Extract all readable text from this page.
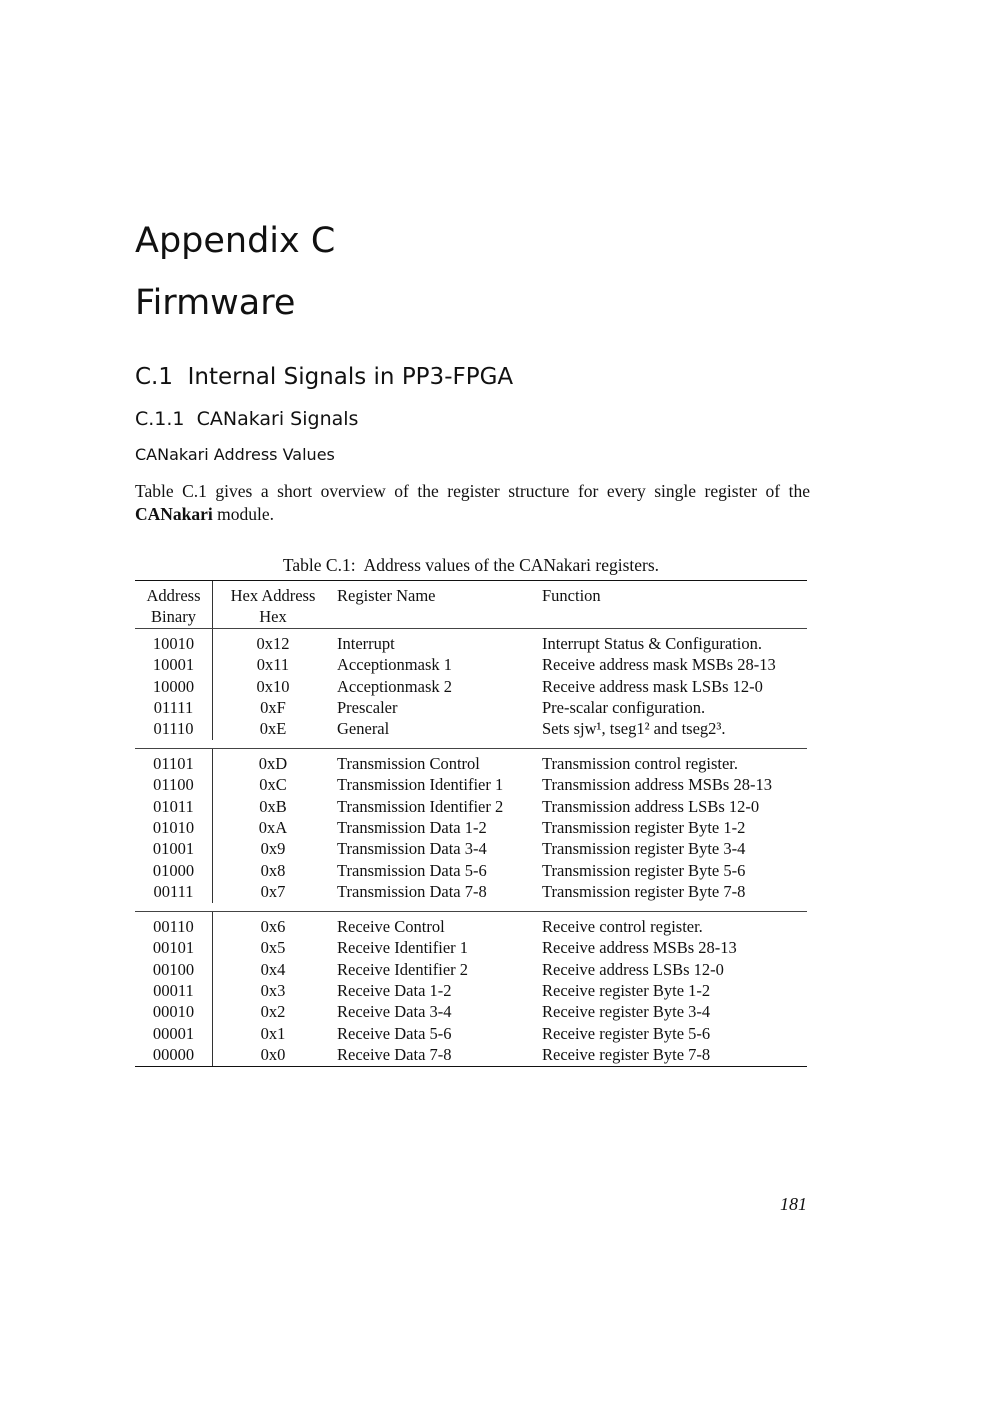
Appendix C
Firmware
C.1 Internal Signals in PP3-FPGA
C.1.1 CANakari Signals
CANakari Address Values

Table C.1 gives a short overview of the register structure for every single register of the CANakari module.

Table C.1: Address values of the CANakari registers.
Address	Hex Address	Register Name	Function
Binary	Hex		
10010	0x12	Interrupt	Interrupt Status & Configuration.
10001	0x11	Acceptionmask 1	Receive address mask MSBs 28-13
10000	0x10	Acceptionmask 2	Receive address mask LSBs 12-0
01111	0xF	Prescaler	Pre-scalar configuration.
01110	0xE	General	Sets sjw¹, tseg1² and tseg2³.

01101	0xD	Transmission Control	Transmission control register.
01100	0xC	Transmission Identifier 1	Transmission address MSBs 28-13
01011	0xB	Transmission Identifier 2	Transmission address LSBs 12-0
01010	0xA	Transmission Data 1-2	Transmission register Byte 1-2
01001	0x9	Transmission Data 3-4	Transmission register Byte 3-4
01000	0x8	Transmission Data 5-6	Transmission register Byte 5-6
00111	0x7	Transmission Data 7-8	Transmission register Byte 7-8

00110	0x6	Receive Control	Receive control register.
00101	0x5	Receive Identifier 1	Receive address MSBs 28-13
00100	0x4	Receive Identifier 2	Receive address LSBs 12-0
00011	0x3	Receive Data 1-2	Receive register Byte 1-2
00010	0x2	Receive Data 3-4	Receive register Byte 3-4
00001	0x1	Receive Data 5-6	Receive register Byte 5-6
00000	0x0	Receive Data 7-8	Receive register Byte 7-8
181
